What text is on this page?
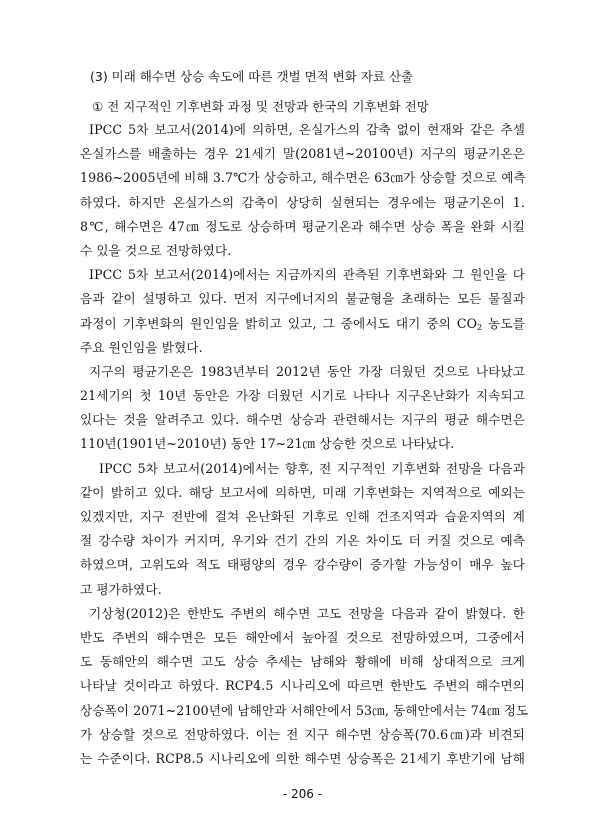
(3) 미래 해수면 상승 속도에 따른 갯벌 면적 변화 자료 산출
① 전 지구적인 기후변화 과정 및 전망과 한국의 기후변화 전망
IPCC 5차 보고서(2014)에 의하면, 온실가스의 감축 없이 현재와 같은 추셀
온실가스를 배출하는 경우 21세기 말(2081년~20100년) 지구의 평균기온은
1986~2005년에 비해 3.7℃가 상승하고, 해수면은 63㎝가 상승할 것으로 예측
하였다. 하지만 온실가스의 감축이 상당히 실현되는 경우에는 평균기온이 1.
8℃, 해수면은 47㎝ 정도로 상승하며 평균기온과 해수면 상승 폭을 완화 시킬
수 있을 것으로 전망하였다.
IPCC 5차 보고서(2014)에서는 지금까지의 관측된 기후변화와 그 원인을 다
음과 같이 설명하고 있다. 먼저 지구에너지의 불균형을 초래하는 모든 물질과
과정이 기후변화의 원인임을 밝히고 있고, 그 중에서도 대기 중의 $CO_2$ 농도를
주요 원인임을 밝혔다.
지구의 평균기온은 1983년부터 2012년 동안 가장 더웠던 것으로 나타났고
21세기의 첫 10년 동안은 가장 더웠던 시기로 나타나 지구온난화가 지속되고
있다는 것을 알려주고 있다. 해수면 상승과 관련해서는 지구의 평균 해수면은
110년(1901년~2010년) 동안 17~21㎝ 상승한 것으로 나타났다.
IPCC 5차 보고서(2014)에서는 향후, 전 지구적인 기후변화 전망을 다음과
같이 밝히고 있다. 해당 보고서에 의하면, 미래 기후변화는 지역적으로 예외는
있겠지만, 지구 전반에 걸쳐 온난화된 기후로 인해 건조지역과 습윤지역의 계
절 강수량 차이가 커지며, 우기와 건기 간의 기온 차이도 더 커질 것으로 예측
하였으며, 고위도와 적도 태평양의 경우 강수량이 증가할 가능성이 매우 높다
고 평가하였다.
기상청(2012)은 한반도 주변의 해수면 고도 전망을 다음과 같이 밝혔다. 한
반도 주변의 해수면은 모든 해안에서 높아질 것으로 전망하였으며, 그중에서
도 동해안의 해수면 고도 상승 추세는 남해와 황해에 비해 상대적으로 크게
나타날 것이라고 하였다. RCP4.5 시나리오에 따르면 한반도 주변의 해수면의
상승폭이 2071~2100년에 남해안과 서해안에서 53㎝, 동해안에서는 74㎝ 정도
가 상승할 것으로 전망하였다. 이는 전 지구 해수면 상승폭(70.6㎝)과 비견되
는 수준이다. RCP8.5 시나리오에 의한 해수면 상승폭은 21세기 후반기에 남해
- 206 -
